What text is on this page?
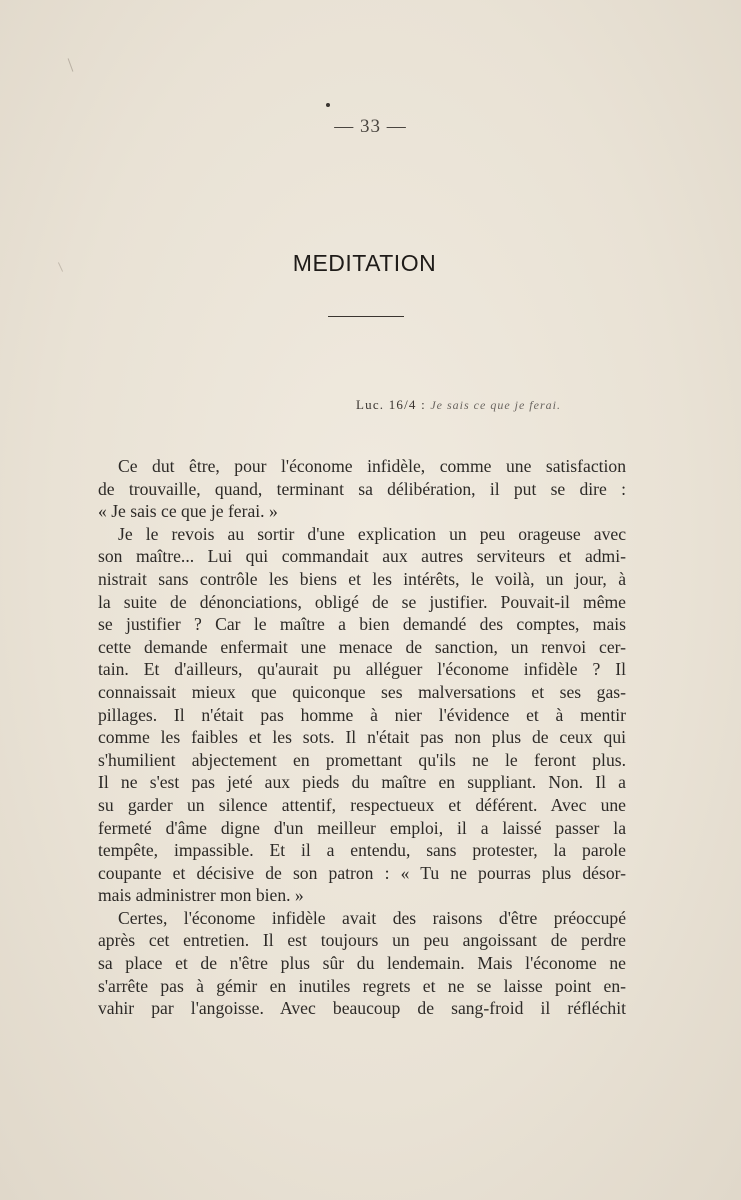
— 33 —
MEDITATION
Luc. 16/4 : Je sais ce que je ferai.
Ce dut être, pour l'économe infidèle, comme une satisfaction
de trouvaille, quand, terminant sa délibération, il put se dire :
« Je sais ce que je ferai. »
Je le revois au sortir d'une explication un peu orageuse avec
son maître... Lui qui commandait aux autres serviteurs et admi-
nistrait sans contrôle les biens et les intérêts, le voilà, un jour, à
la suite de dénonciations, obligé de se justifier. Pouvait-il même
se justifier ? Car le maître a bien demandé des comptes, mais
cette demande enfermait une menace de sanction, un renvoi cer-
tain. Et d'ailleurs, qu'aurait pu alléguer l'économe infidèle ? Il
connaissait mieux que quiconque ses malversations et ses gas-
pillages. Il n'était pas homme à nier l'évidence et à mentir
comme les faibles et les sots. Il n'était pas non plus de ceux qui
s'humilient abjectement en promettant qu'ils ne le feront plus.
Il ne s'est pas jeté aux pieds du maître en suppliant. Non. Il a
su garder un silence attentif, respectueux et déférent. Avec une
fermeté d'âme digne d'un meilleur emploi, il a laissé passer la
tempête, impassible. Et il a entendu, sans protester, la parole
coupante et décisive de son patron : « Tu ne pourras plus désor-
mais administrer mon bien. »
Certes, l'économe infidèle avait des raisons d'être préoccupé
après cet entretien. Il est toujours un peu angoissant de perdre
sa place et de n'être plus sûr du lendemain. Mais l'économe ne
s'arrête pas à gémir en inutiles regrets et ne se laisse point en-
vahir par l'angoisse. Avec beaucoup de sang-froid il réfléchit
